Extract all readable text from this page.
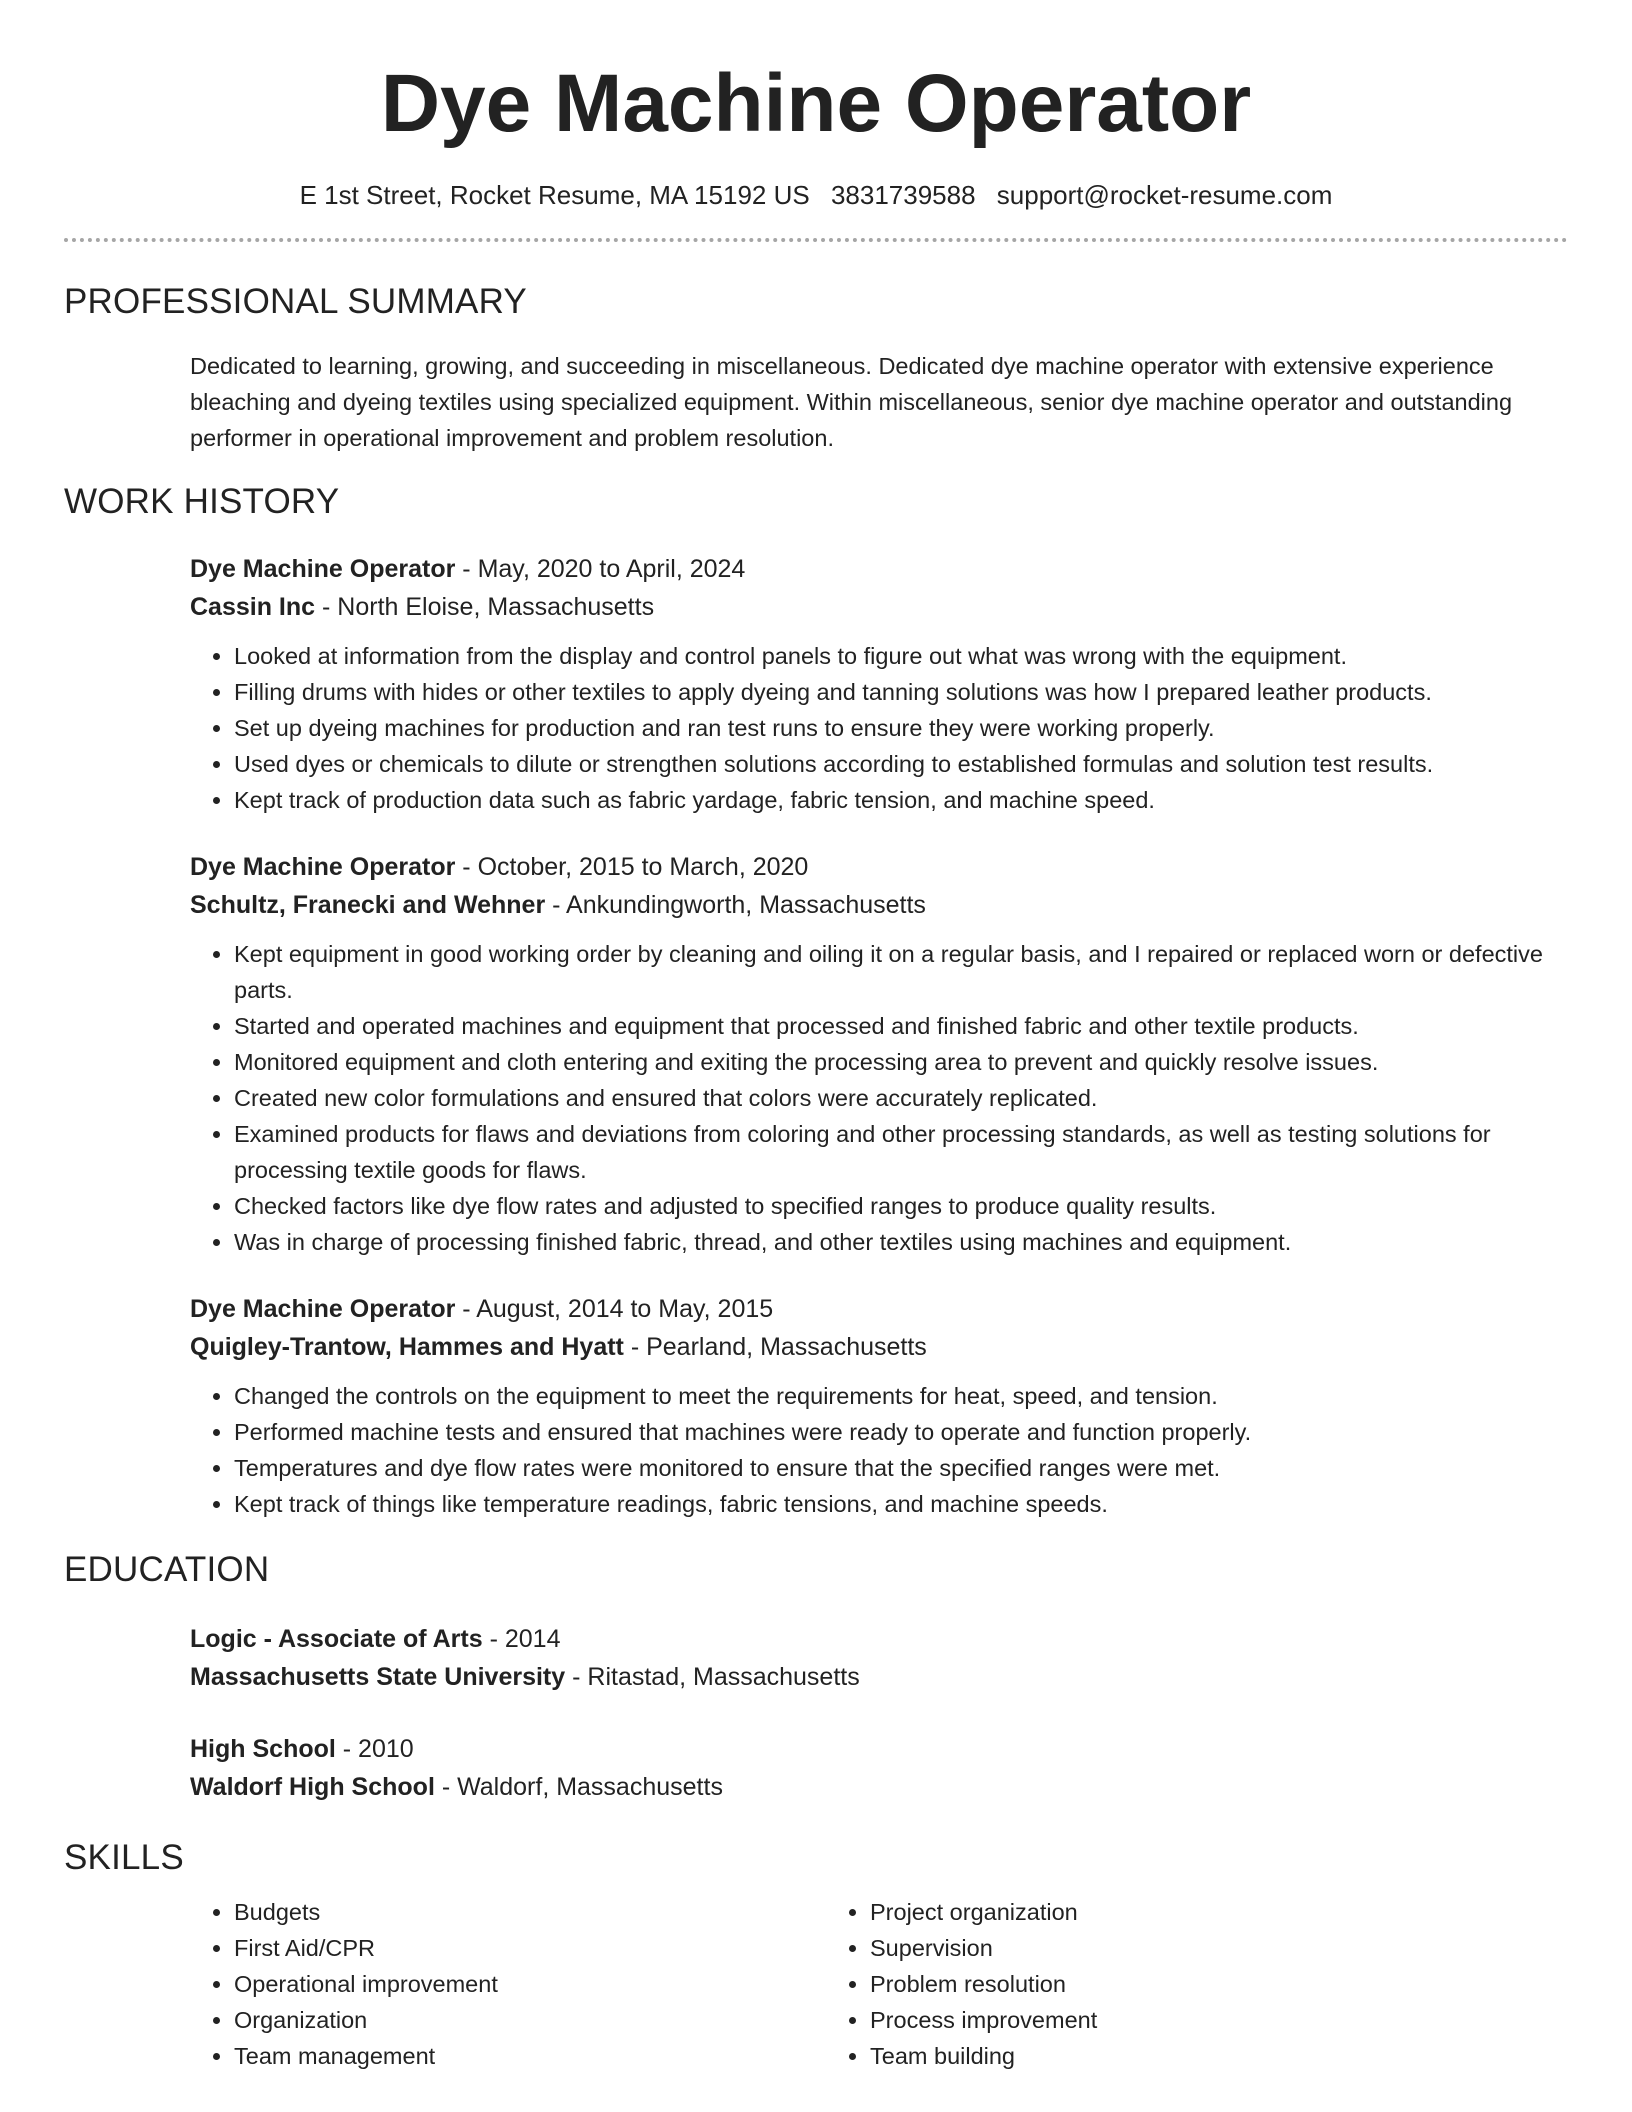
Dye Machine Operator
E 1st Street, Rocket Resume, MA 15192 US 3831739588 support@rocket-resume.com
PROFESSIONAL SUMMARY

Dedicated to learning, growing, and succeeding in miscellaneous. Dedicated dye machine operator with extensive experience bleaching and dyeing textiles using specialized equipment. Within miscellaneous, senior dye machine operator and outstanding performer in operational improvement and problem resolution.

WORK HISTORY
Dye Machine Operator - May, 2020 to April, 2024
Cassin Inc - North Eloise, Massachusetts
• Looked at information from the display and control panels to figure out what was wrong with the equipment.
• Filling drums with hides or other textiles to apply dyeing and tanning solutions was how I prepared leather products.
• Set up dyeing machines for production and ran test runs to ensure they were working properly.
• Used dyes or chemicals to dilute or strengthen solutions according to established formulas and solution test results.
• Kept track of production data such as fabric yardage, fabric tension, and machine speed.
Dye Machine Operator - October, 2015 to March, 2020
Schultz, Franecki and Wehner - Ankundingworth, Massachusetts
• Kept equipment in good working order by cleaning and oiling it on a regular basis, and I repaired or replaced worn or defective parts.
• Started and operated machines and equipment that processed and finished fabric and other textile products.
• Monitored equipment and cloth entering and exiting the processing area to prevent and quickly resolve issues.
• Created new color formulations and ensured that colors were accurately replicated.
• Examined products for flaws and deviations from coloring and other processing standards, as well as testing solutions for processing textile goods for flaws.
• Checked factors like dye flow rates and adjusted to specified ranges to produce quality results.
• Was in charge of processing finished fabric, thread, and other textiles using machines and equipment.
Dye Machine Operator - August, 2014 to May, 2015
Quigley-Trantow, Hammes and Hyatt - Pearland, Massachusetts
• Changed the controls on the equipment to meet the requirements for heat, speed, and tension.
• Performed machine tests and ensured that machines were ready to operate and function properly.
• Temperatures and dye flow rates were monitored to ensure that the specified ranges were met.
• Kept track of things like temperature readings, fabric tensions, and machine speeds.
EDUCATION
Logic - Associate of Arts - 2014
Massachusetts State University - Ritastad, Massachusetts
High School - 2010
Waldorf High School - Waldorf, Massachusetts
SKILLS
• Budgets
• First Aid/CPR
• Operational improvement
• Organization
• Team management
• Project organization
• Supervision
• Problem resolution
• Process improvement
• Team building
